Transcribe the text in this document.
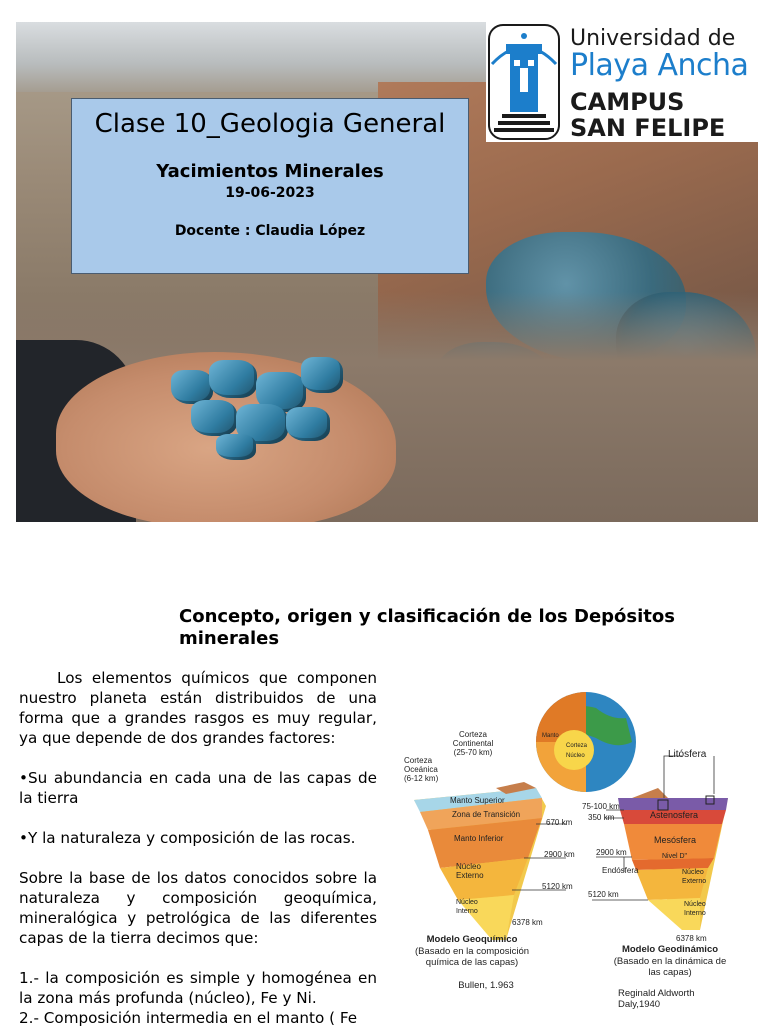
Clase 10_Geologia General
Yacimientos Minerales
19-06-2023
Docente : Claudia López
Universidad de
Playa Ancha
CAMPUS
SAN FELIPE
Concepto, origen y clasificación de los Depósitos minerales

Los elementos químicos que componen nuestro planeta están distribuidos de una forma que a grandes rasgos es muy regular, ya que depende de dos grandes factores:

•Su abundancia en cada una de las capas de la tierra

•Y la naturaleza y composición de las rocas.

Sobre la base de los datos conocidos sobre la naturaleza y composición geoquímica, mineralógica y petrológica de las diferentes capas de la tierra decimos que:

1.- la composición es simple y homogénea en la zona más profunda (núcleo), Fe y Ni.

2.- Composición intermedia en el manto ( Fe

Corteza
Manto
Núcleo
Corteza Continental (25-70 km)
Corteza Oceánica (6-12 km)
Manto Superior
Zona de Transición
Manto Inferior
Núcleo Externo
Núcleo Interno
670 km
2900 km
5120 km
6378 km
Litósfera
75-100 km
350 km	Astenosfera
Mesósfera
Nivel D"
2900 km
Endósfera
5120 km
Núcleo Externo
Núcleo Interno
6378 km
Modelo Geoquímico
(Basado en la composición química de las capas)
Bullen, 1.963
Modelo Geodinámico
(Basado en la dinámica de las capas)
Reginald Aldworth Daly,1940
